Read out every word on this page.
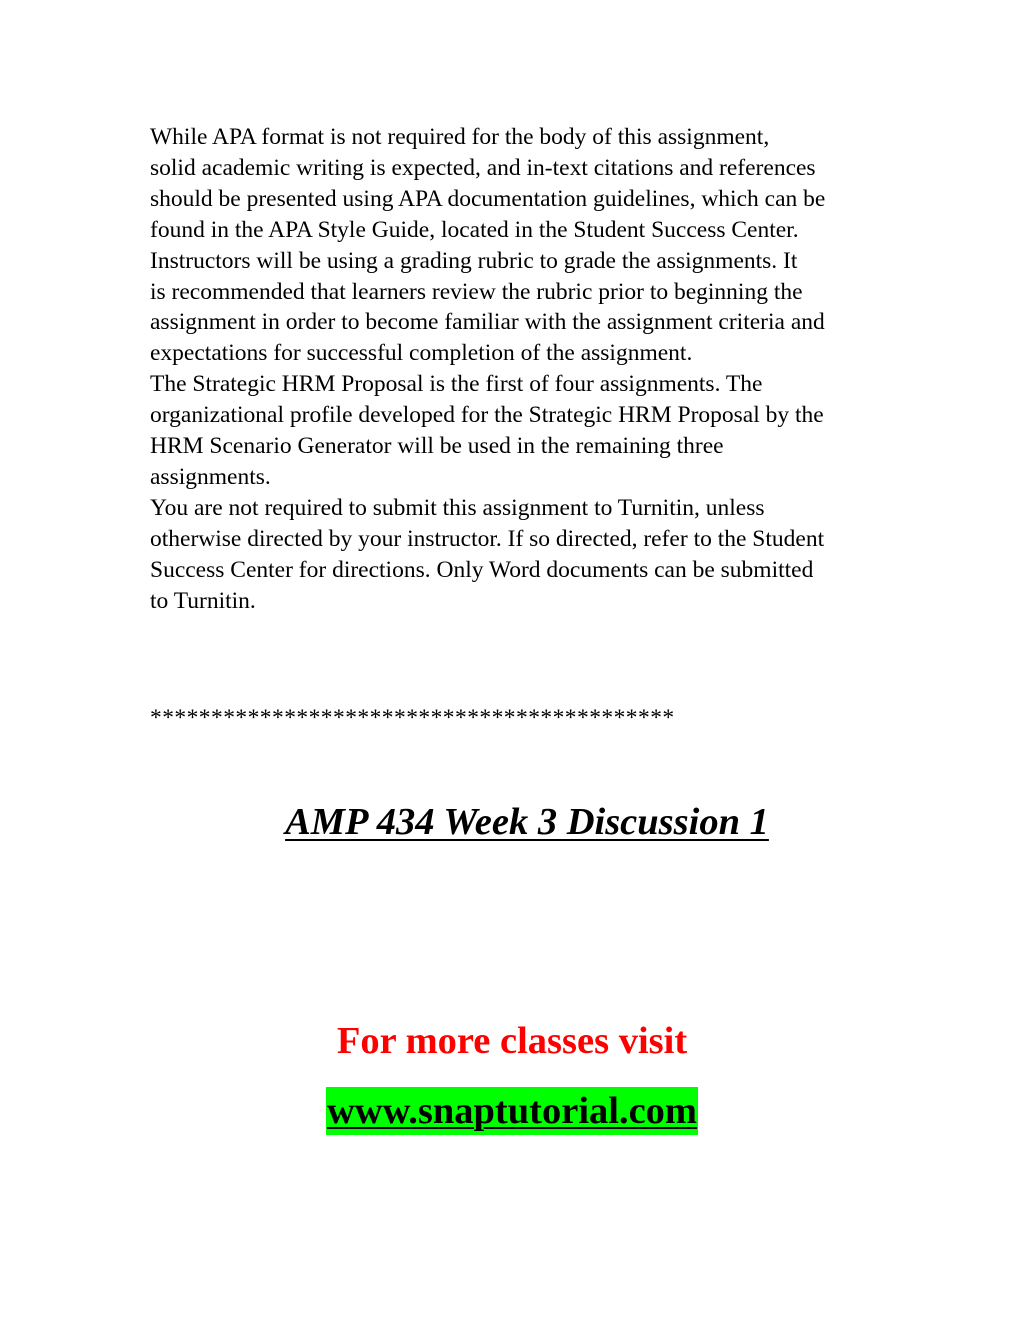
While APA format is not required for the body of this assignment,
solid academic writing is expected, and in-text citations and references
should be presented using APA documentation guidelines, which can be
found in the APA Style Guide, located in the Student Success Center.

Instructors will be using a grading rubric to grade the assignments. It
is recommended that learners review the rubric prior to beginning the
assignment in order to become familiar with the assignment criteria and
expectations for successful completion of the assignment.

The Strategic HRM Proposal is the first of four assignments. The
organizational profile developed for the Strategic HRM Proposal by the
HRM Scenario Generator will be used in the remaining three
assignments.

You are not required to submit this assignment to Turnitin, unless
otherwise directed by your instructor. If so directed, refer to the Student
Success Center for directions. Only Word documents can be submitted
to Turnitin.

*******************************************
AMP 434 Week 3 Discussion 1
For more classes visit
www.snaptutorial.com
